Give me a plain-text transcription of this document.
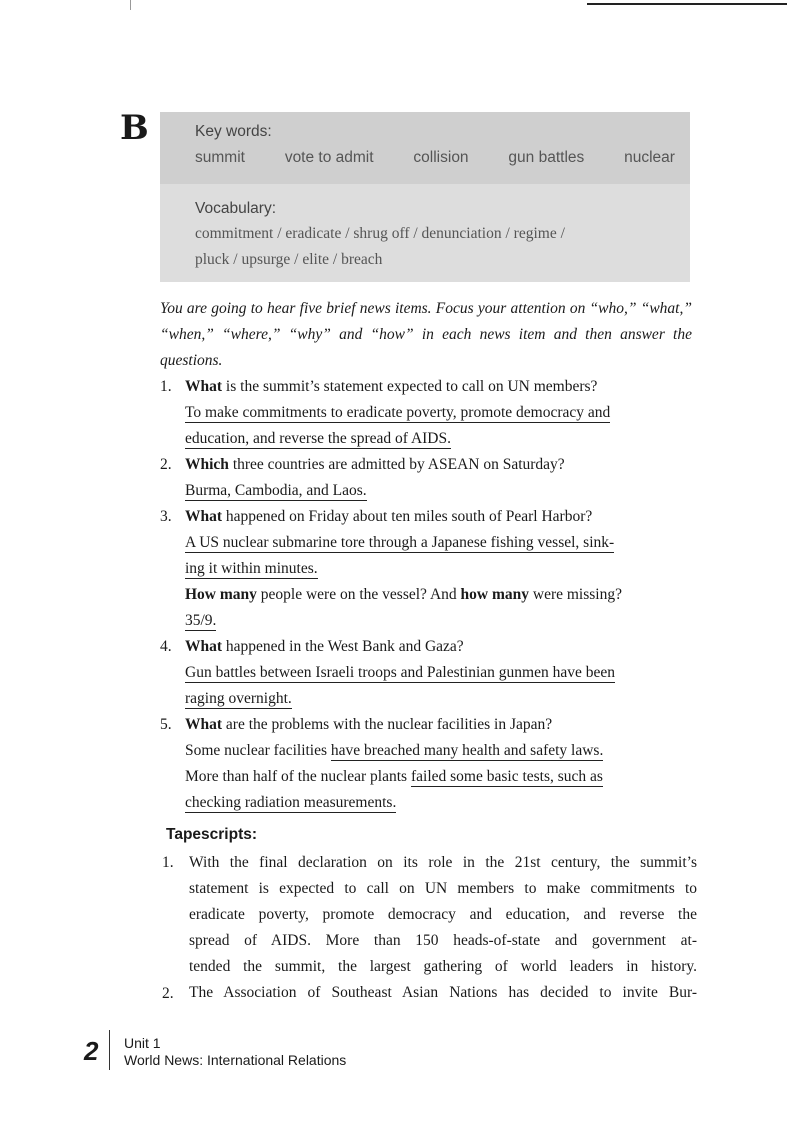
B	Key words:
summit	vote to admit	collision	gun battles	nuclear
Vocabulary:
commitment / eradicate / shrug off / denunciation / regime /
pluck / upsurge / elite / breach
You are going to hear five brief news items. Focus your attention on “who,” “what,” “when,” “where,” “why” and “how” in each news item and then answer the questions.
1. What is the summit’s statement expected to call on UN members?
To make commitments to eradicate poverty, promote democracy and
education, and reverse the spread of AIDS.
2. Which three countries are admitted by ASEAN on Saturday?
Burma, Cambodia, and Laos.
3. What happened on Friday about ten miles south of Pearl Harbor?
A US nuclear submarine tore through a Japanese fishing vessel, sink-
ing it within minutes.
How many people were on the vessel? And how many were missing?
35/9.
4. What happened in the West Bank and Gaza?
Gun battles between Israeli troops and Palestinian gunmen have been
raging overnight.
5. What are the problems with the nuclear facilities in Japan?
Some nuclear facilities have breached many health and safety laws.
More than half of the nuclear plants failed some basic tests, such as
checking radiation measurements.
Tapescripts:
1. With the final declaration on its role in the 21st century, the summit’s
statement is expected to call on UN members to make commitments to
eradicate poverty, promote democracy and education, and reverse the
spread of AIDS. More than 150 heads-of-state and government at-
tended the summit, the largest gathering of world leaders in history.
2. The Association of Southeast Asian Nations has decided to invite Bur-
2 Unit 1
World News: International Relations
